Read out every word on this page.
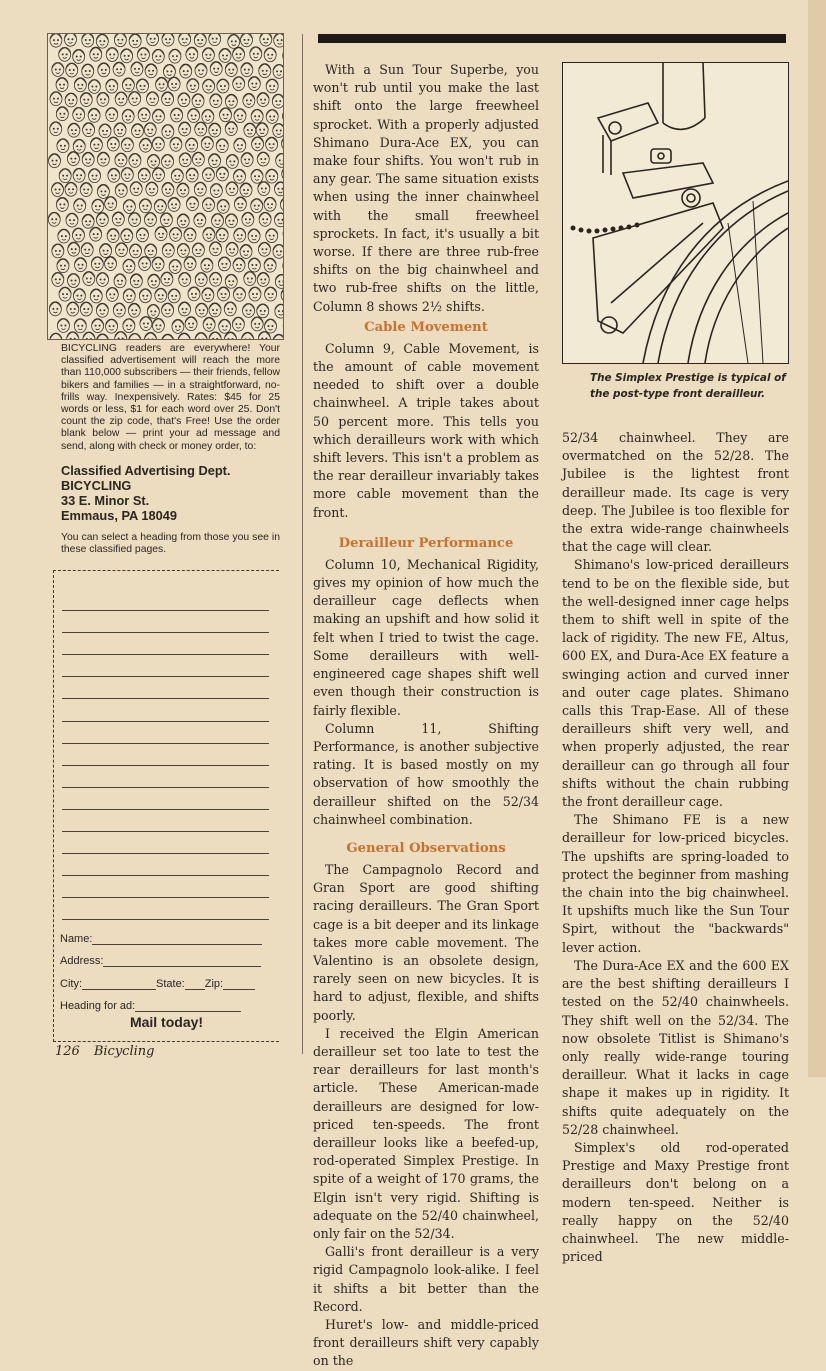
BICYCLING readers are everywhere! Your classified advertisement will reach the more than 110,000 subscribers — their friends, fellow bikers and families — in a straightforward, no-frills way. Inexpensively. Rates: $45 for 25 words or less, $1 for each word over 25. Don't count the zip code, that's Free! Use the order blank below — print your ad message and send, along with check or money order, to:
Classified Advertising Dept.
BICYCLING
33 E. Minor St.
Emmaus, PA 18049
You can select a heading from those you see in these classified pages.
Name:
Address:
City:	State: Zip:
Heading for ad:
Mail today!
126 Bicycling

With a Sun Tour Superbe, you won't rub until you make the last shift onto the large freewheel sprocket. With a properly adjusted Shimano Dura-Ace EX, you can make four shifts. You won't rub in any gear. The same situation exists when using the inner chainwheel with the small freewheel sprockets. In fact, it's usually a bit worse. If there are three rub-free shifts on the big chainwheel and two rub-free shifts on the little, Column 8 shows 2½ shifts.

Cable Movement

Column 9, Cable Movement, is the amount of cable movement needed to shift over a double chainwheel. A triple takes about 50 percent more. This tells you which derailleurs work with which shift levers. This isn't a problem as the rear derailleur invariably takes more cable movement than the front.

Derailleur Performance

Column 10, Mechanical Rigidity, gives my opinion of how much the derailleur cage deflects when making an upshift and how solid it felt when I tried to twist the cage. Some derailleurs with well-engineered cage shapes shift well even though their construction is fairly flexible.

Column 11, Shifting Performance, is another subjective rating. It is based mostly on my observation of how smoothly the derailleur shifted on the 52/34 chainwheel combination.

General Observations

The Campagnolo Record and Gran Sport are good shifting racing derailleurs. The Gran Sport cage is a bit deeper and its linkage takes more cable movement. The Valentino is an obsolete design, rarely seen on new bicycles. It is hard to adjust, flexible, and shifts poorly.

I received the Elgin American derailleur set too late to test the rear derailleurs for last month's article. These American-made derailleurs are designed for low-priced ten-speeds. The front derailleur looks like a beefed-up, rod-operated Simplex Prestige. In spite of a weight of 170 grams, the Elgin isn't very rigid. Shifting is adequate on the 52/40 chainwheel, only fair on the 52/34.

Galli's front derailleur is a very rigid Campagnolo look-alike. I feel it shifts a bit better than the Record.

Huret's low- and middle-priced front derailleurs shift very capably on the

The Simplex Prestige is typical of the post-type front derailleur.

52/34 chainwheel. They are overmatched on the 52/28. The Jubilee is the lightest front derailleur made. Its cage is very deep. The Jubilee is too flexible for the extra wide-range chainwheels that the cage will clear.

Shimano's low-priced derailleurs tend to be on the flexible side, but the well-designed inner cage helps them to shift well in spite of the lack of rigidity. The new FE, Altus, 600 EX, and Dura-Ace EX feature a swinging action and curved inner and outer cage plates. Shimano calls this Trap-Ease. All of these derailleurs shift very well, and when properly adjusted, the rear derailleur can go through all four shifts without the chain rubbing the front derailleur cage.

The Shimano FE is a new derailleur for low-priced bicycles. The upshifts are spring-loaded to protect the beginner from mashing the chain into the big chainwheel. It upshifts much like the Sun Tour Spirt, without the "backwards" lever action.

The Dura-Ace EX and the 600 EX are the best shifting derailleurs I tested on the 52/40 chainwheels. They shift well on the 52/34. The now obsolete Titlist is Shimano's only really wide-range touring derailleur. What it lacks in cage shape it makes up in rigidity. It shifts quite adequately on the 52/28 chainwheel.

Simplex's old rod-operated Prestige and Maxy Prestige front derailleurs don't belong on a modern ten-speed. Neither is really happy on the 52/40 chainwheel. The new middle-priced
